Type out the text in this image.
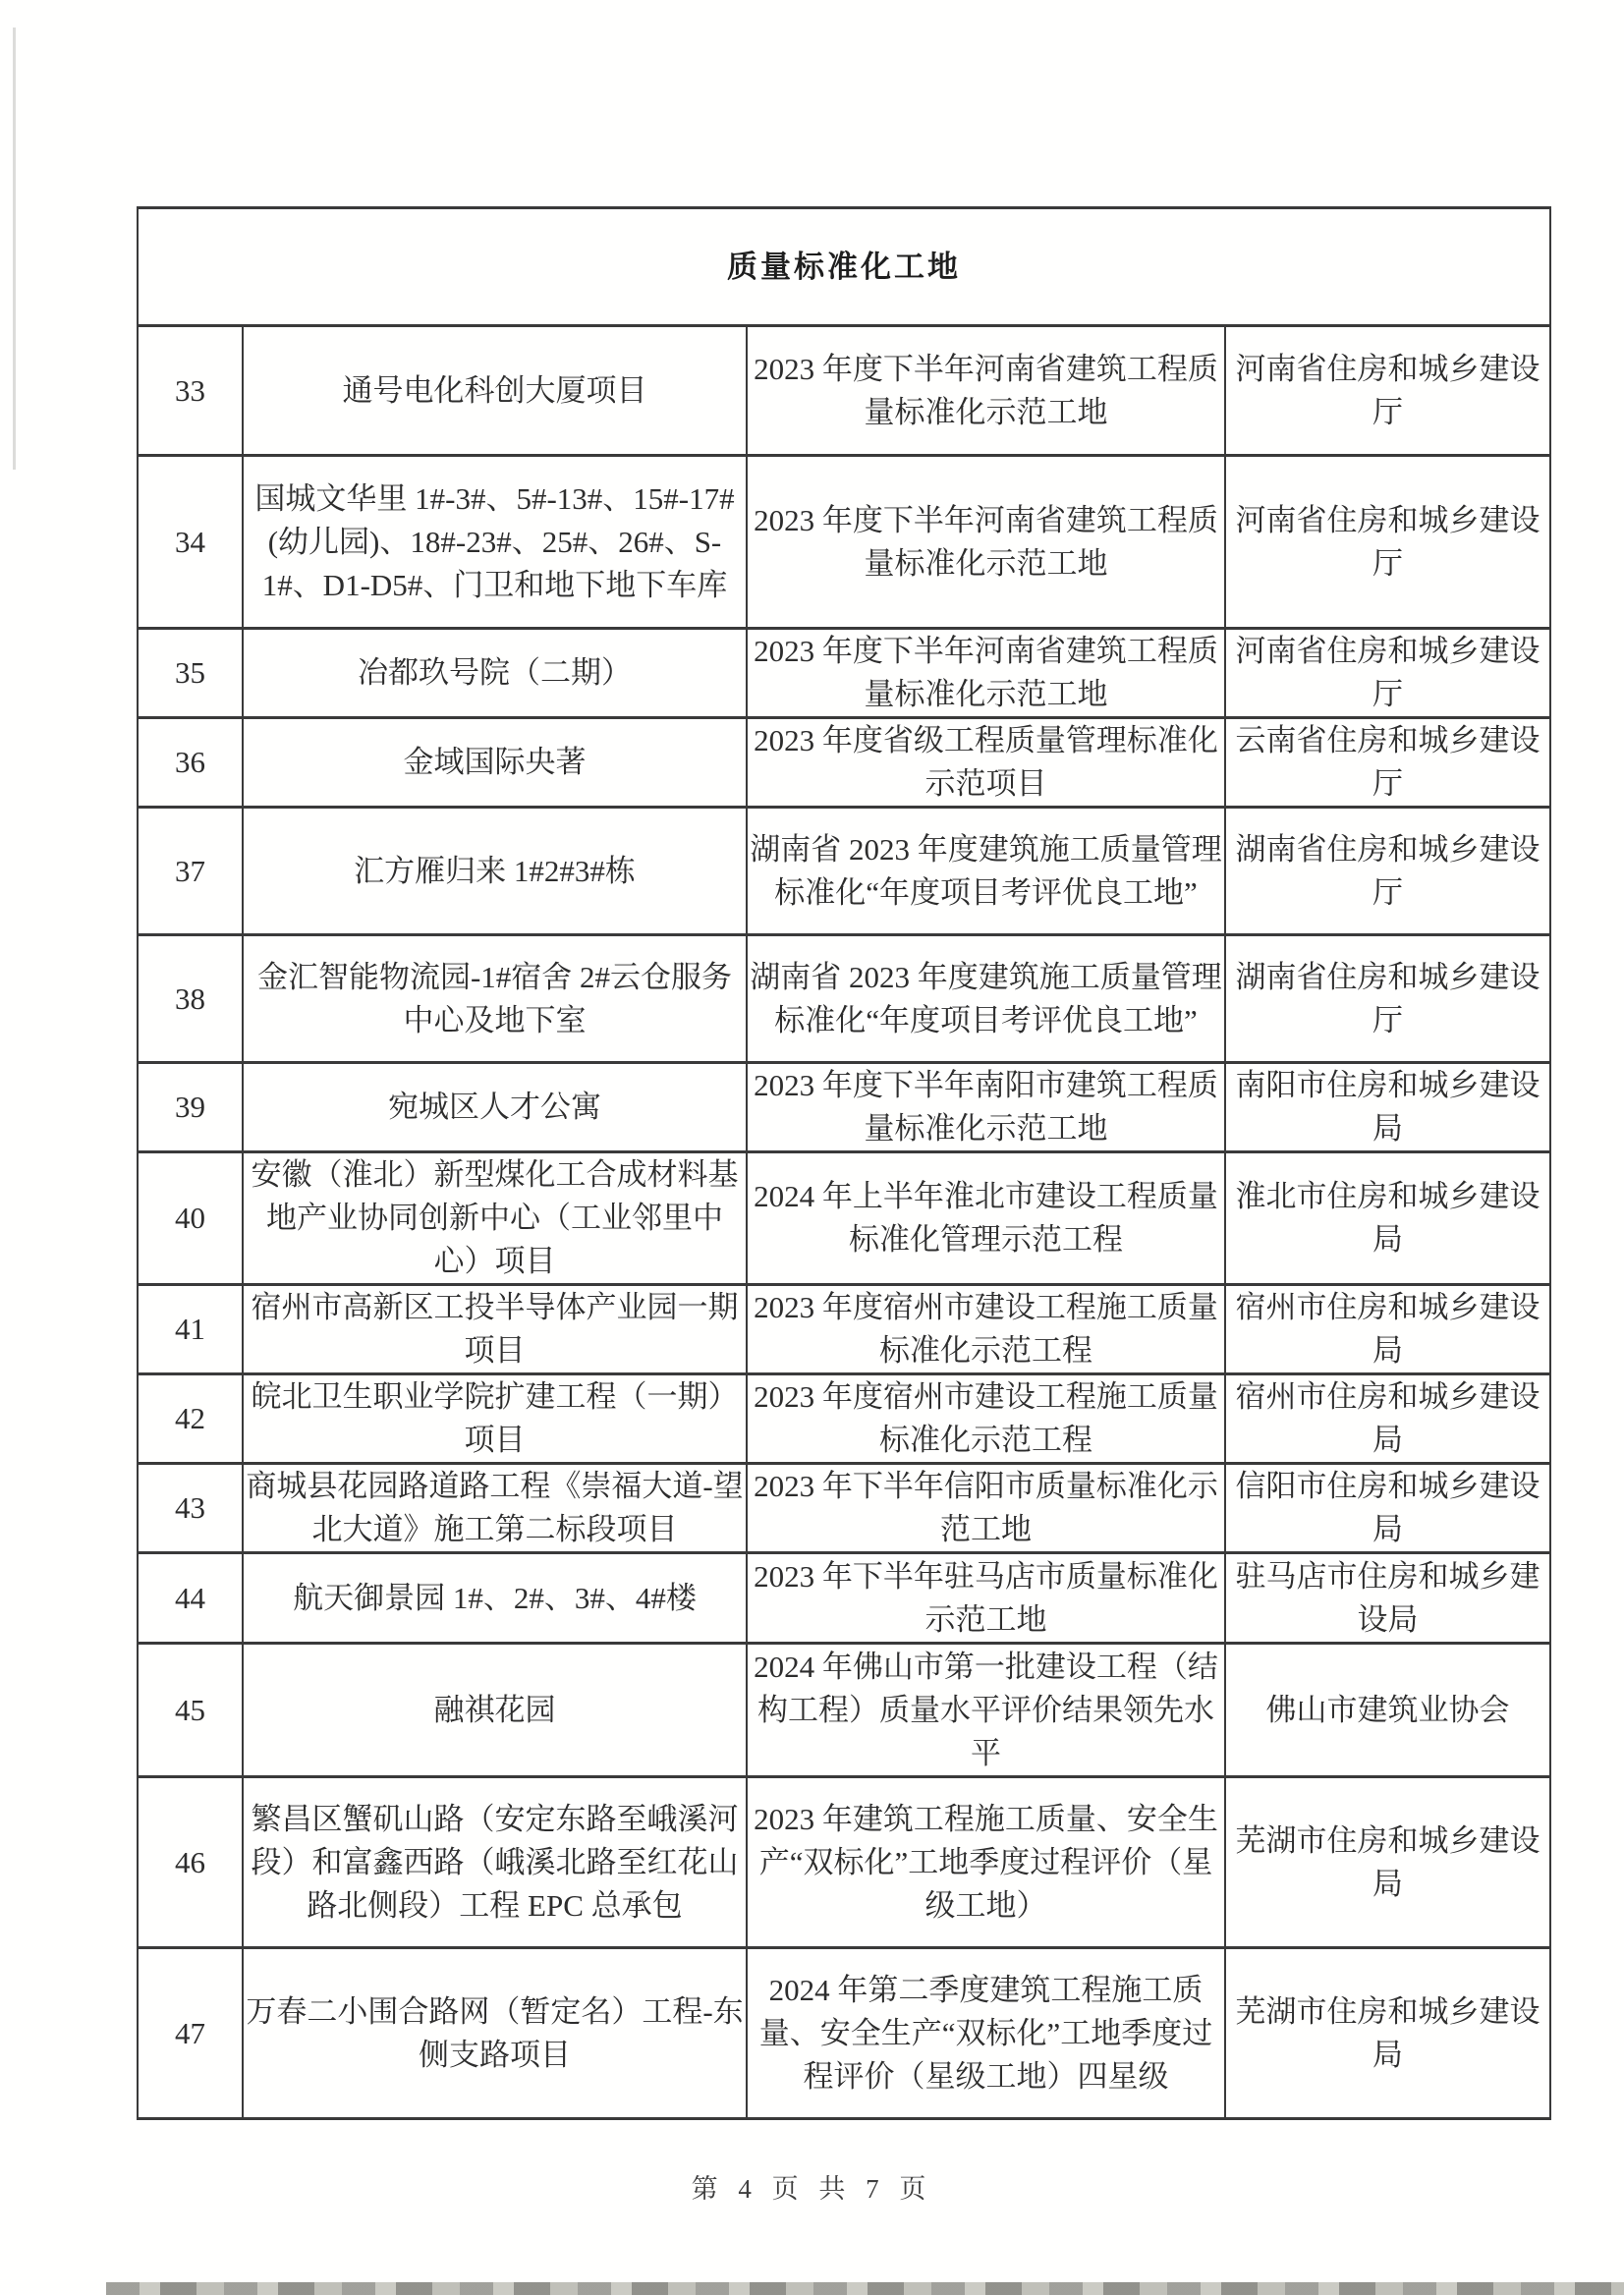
质量标准化工地			
33	通号电化科创大厦项目	2023 年度下半年河南省建筑工程质量标准化示范工地	河南省住房和城乡建设厅
34	国城文华里 1#-3#、5#-13#、15#-17#(幼儿园)、18#-23#、25#、26#、S- 1#、D1-D5#、门卫和地下地下车库	2023 年度下半年河南省建筑工程质量标准化示范工地	河南省住房和城乡建设厅
35	冶都玖号院（二期）	2023 年度下半年河南省建筑工程质量标准化示范工地	河南省住房和城乡建设厅
36	金域国际央著	2023 年度省级工程质量管理标准化示范项目	云南省住房和城乡建设厅
37	汇方雁归来 1#2#3#栋	湖南省 2023 年度建筑施工质量管理标准化“年度项目考评优良工地”	湖南省住房和城乡建设厅
38	金汇智能物流园-1#宿舍 2#云仓服务中心及地下室	湖南省 2023 年度建筑施工质量管理标准化“年度项目考评优良工地”	湖南省住房和城乡建设厅
39	宛城区人才公寓	2023 年度下半年南阳市建筑工程质量标准化示范工地	南阳市住房和城乡建设局
40	安徽（淮北）新型煤化工合成材料基地产业协同创新中心（工业邻里中心）项目	2024 年上半年淮北市建设工程质量标准化管理示范工程	淮北市住房和城乡建设局
41	宿州市高新区工投半导体产业园一期项目	2023 年度宿州市建设工程施工质量标准化示范工程	宿州市住房和城乡建设局
42	皖北卫生职业学院扩建工程（一期）项目	2023 年度宿州市建设工程施工质量标准化示范工程	宿州市住房和城乡建设局
43	商城县花园路道路工程《崇福大道-望北大道》施工第二标段项目	2023 年下半年信阳市质量标准化示范工地	信阳市住房和城乡建设局
44	航天御景园 1#、2#、3#、4#楼	2023 年下半年驻马店市质量标准化示范工地	驻马店市住房和城乡建设局
45	融祺花园	2024 年佛山市第一批建设工程（结构工程）质量水平评价结果领先水平	佛山市建筑业协会
46	繁昌区蟹矶山路（安定东路至峨溪河段）和富鑫西路（峨溪北路至红花山路北侧段）工程 EPC 总承包	2023 年建筑工程施工质量、安全生产“双标化”工地季度过程评价（星级工地）	芜湖市住房和城乡建设局
47	万春二小围合路网（暂定名）工程-东侧支路项目	2024 年第二季度建筑工程施工质量、安全生产“双标化”工地季度过程评价（星级工地）四星级	芜湖市住房和城乡建设局
第 4 页 共 7 页
